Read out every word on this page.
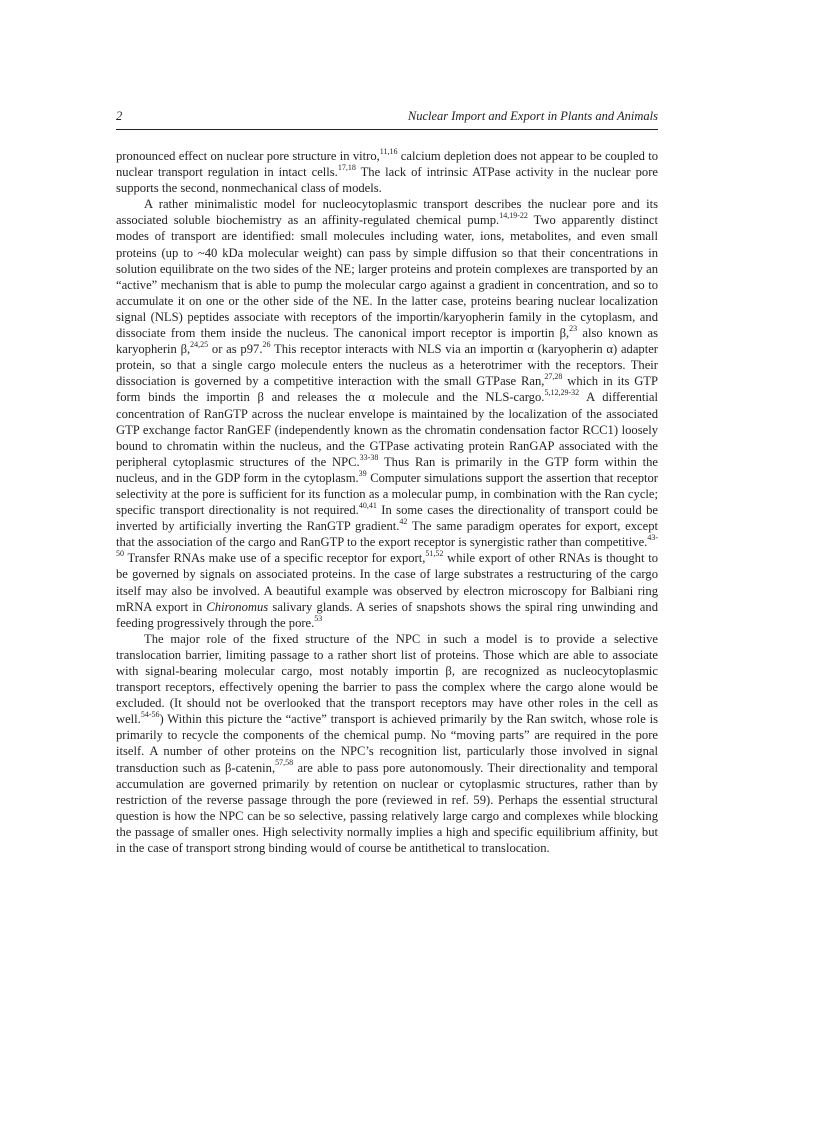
2	Nuclear Import and Export in Plants and Animals

pronounced effect on nuclear pore structure in vitro,$^{11,16}$ calcium depletion does not appear to be coupled to nuclear transport regulation in intact cells.$^{17,18}$ The lack of intrinsic ATPase activity in the nuclear pore supports the second, nonmechanical class of models.

A rather minimalistic model for nucleocytoplasmic transport describes the nuclear pore and its associated soluble biochemistry as an affinity-regulated chemical pump.$^{14,19-22}$ Two apparently distinct modes of transport are identified: small molecules including water, ions, metabolites, and even small proteins (up to ~40 kDa molecular weight) can pass by simple diffusion so that their concentrations in solution equilibrate on the two sides of the NE; larger proteins and protein complexes are transported by an “active” mechanism that is able to pump the molecular cargo against a gradient in concentration, and so to accumulate it on one or the other side of the NE. In the latter case, proteins bearing nuclear localization signal (NLS) peptides associate with receptors of the importin/karyopherin family in the cytoplasm, and dissociate from them inside the nucleus. The canonical import receptor is importin β,$^{23}$ also known as karyopherin β,$^{24,25}$ or as p97.26 This receptor interacts with NLS via an importin α (karyopherin α) adapter protein, so that a single cargo molecule enters the nucleus as a heterotrimer with the receptors. Their dissociation is governed by a competitive interaction with the small GTPase Ran,$^{27,28}$ which in its GTP form binds the importin β and releases the α molecule and the NLS-cargo.$^{5,12,29-32}$ A differential concentration of RanGTP across the nuclear envelope is maintained by the localization of the associated GTP exchange factor RanGEF (independently known as the chromatin condensation factor RCC1) loosely bound to chromatin within the nucleus, and the GTPase activating protein RanGAP associated with the peripheral cytoplasmic structures of the NPC.$^{33-38}$ Thus Ran is primarily in the GTP form within the nucleus, and in the GDP form in the cytoplasm.$^{39}$ Computer simulations support the assertion that receptor selectivity at the pore is sufficient for its function as a molecular pump, in combination with the Ran cycle; specific transport directionality is not required.$^{40,41}$ In some cases the directionality of transport could be inverted by artificially inverting the RanGTP gradient.$^{42}$ The same paradigm operates for export, except that the association of the cargo and RanGTP to the export receptor is synergistic rather than competitive.$^{43-50}$ Transfer RNAs make use of a specific receptor for export,$^{51,52}$ while export of other RNAs is thought to be governed by signals on associated proteins. In the case of large substrates a restructuring of the cargo itself may also be involved. A beautiful example was observed by electron microscopy for Balbiani ring mRNA export in Chironomus salivary glands. A series of snapshots shows the spiral ring unwinding and feeding progressively through the pore.$^{53}$

The major role of the fixed structure of the NPC in such a model is to provide a selective translocation barrier, limiting passage to a rather short list of proteins. Those which are able to associate with signal-bearing molecular cargo, most notably importin β, are recognized as nucleocytoplasmic transport receptors, effectively opening the barrier to pass the complex where the cargo alone would be excluded. (It should not be overlooked that the transport receptors may have other roles in the cell as well.$^{54-56}$) Within this picture the “active” transport is achieved primarily by the Ran switch, whose role is primarily to recycle the components of the chemical pump. No “moving parts” are required in the pore itself. A number of other proteins on the NPC’s recognition list, particularly those involved in signal transduction such as β-catenin,$^{57,58}$ are able to pass pore autonomously. Their directionality and temporal accumulation are governed primarily by retention on nuclear or cytoplasmic structures, rather than by restriction of the reverse passage through the pore (reviewed in ref. 59). Perhaps the essential structural question is how the NPC can be so selective, passing relatively large cargo and complexes while blocking the passage of smaller ones. High selectivity normally implies a high and specific equilibrium affinity, but in the case of transport strong binding would of course be antithetical to translocation.
